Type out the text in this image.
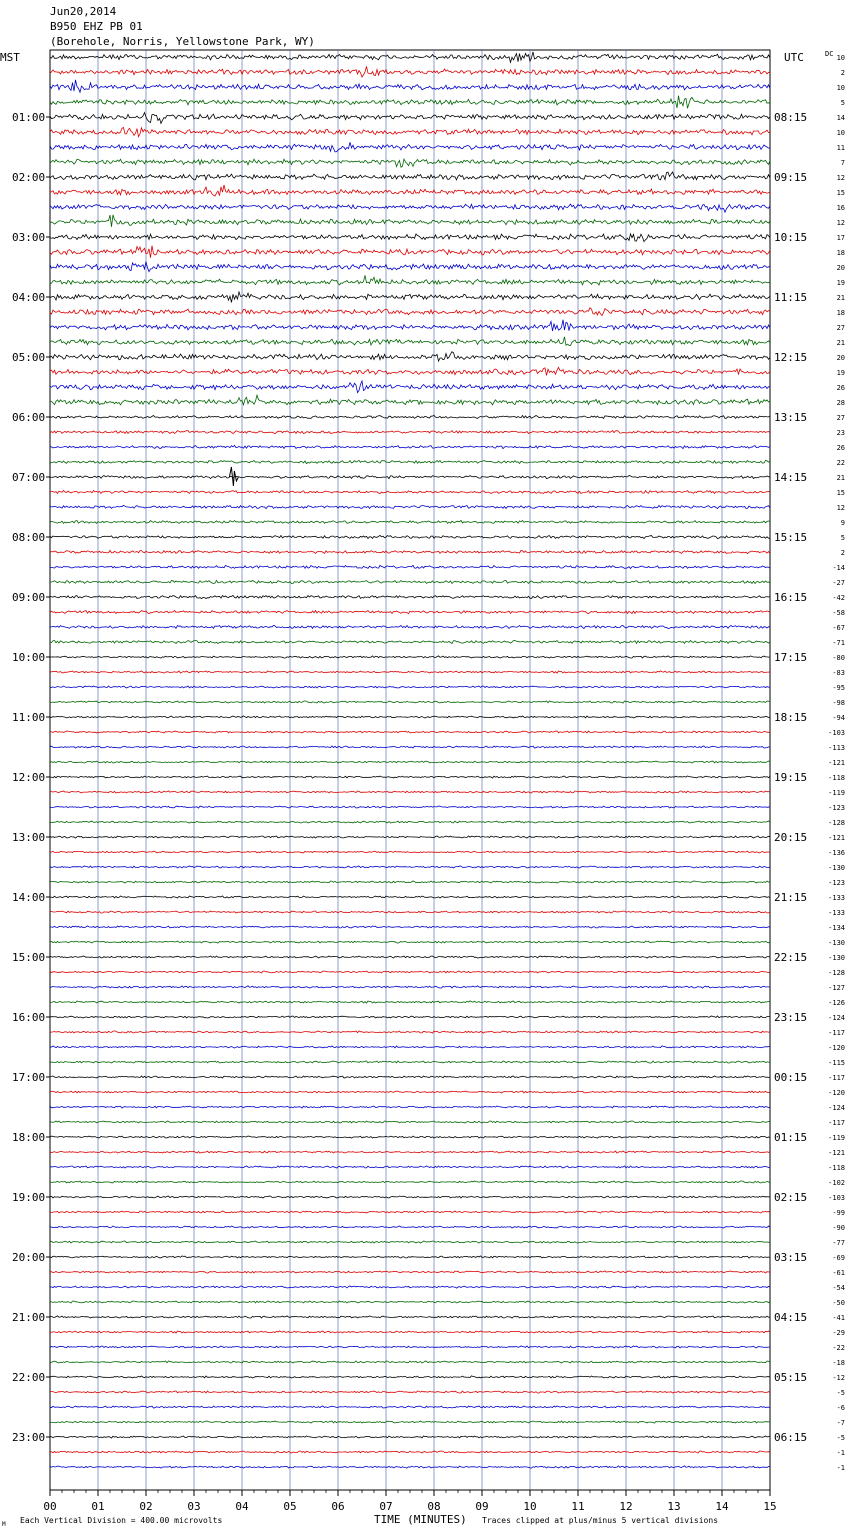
Jun20,2014
B950 EHZ PB 01
(Borehole, Norris, Yellowstone Park, WY)
01:00
02:00
03:00
04:00
05:00
06:00
07:00
08:00
09:00
10:00
11:00
12:00
13:00
14:00
15:00
16:00
17:00
18:00
19:00
20:00
21:00
22:00
23:00
08:15
09:15
10:15
11:15
12:15
13:15
14:15
15:15
16:15
17:15
18:15
19:15
20:15
21:15
22:15
23:15
00:15
01:15
02:15
03:15
04:15
05:15
06:15
10
2
10
5
14
10
11
7
12
15
16
12
17
18
20
19
21
18
27
21
20
19
26
28
27
23
26
22
21
15
12
9
5
2
-14
-27
-42
-58
-67
-71
-80
-83
-95
-98
-94
-103
-113
-121
-118
-119
-123
-128
-121
-136
-130
-123
-133
-133
-134
-130
-130
-128
-127
-126
-124
-117
-120
-115
-117
-120
-124
-117
-119
-121
-118
-102
-103
-99
-90
-77
-69
-61
-54
-50
-41
-29
-22
-18
-12
-5
-6
-7
-5
-1
-1
00	01	02	03	04	05	06	07	08	09	10	11	12	13	14	15
MST	UTC	DC
TIME (MINUTES)
Each Vertical Division = 400.00 microvolts	Traces clipped at plus/minus 5 vertical divisions
M
